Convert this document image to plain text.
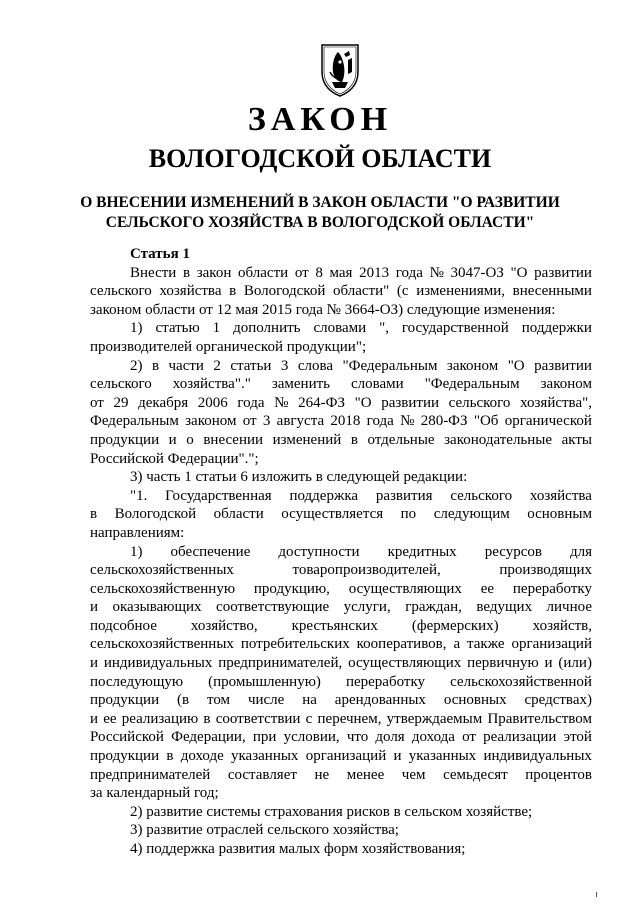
ЗАКОН
ВОЛОГОДСКОЙ ОБЛАСТИ
О ВНЕСЕНИИ ИЗМЕНЕНИЙ В ЗАКОН ОБЛАСТИ "О РАЗВИТИИ
СЕЛЬСКОГО ХОЗЯЙСТВА В ВОЛОГОДСКОЙ ОБЛАСТИ"
Статья 1
Внести в закон области от 8 мая 2013 года № 3047-ОЗ "О развитии
сельского хозяйства в Вологодской области" (с изменениями, внесенными
законом области от 12 мая 2015 года № 3664-ОЗ) следующие изменения:
1) статью 1 дополнить словами ", государственной поддержки
производителей органической продукции";
2) в части 2 статьи 3 слова "Федеральным законом "О развитии
сельского хозяйства"." заменить словами "Федеральным законом
от 29 декабря 2006 года № 264-ФЗ "О развитии сельского хозяйства",
Федеральным законом от 3 августа 2018 года № 280-ФЗ "Об органической
продукции и о внесении изменений в отдельные законодательные акты
Российской Федерации".";
3) часть 1 статьи 6 изложить в следующей редакции:
"1. Государственная поддержка развития сельского хозяйства
в Вологодской области осуществляется по следующим основным
направлениям:
1) обеспечение доступности кредитных ресурсов для
сельскохозяйственных	товаропроизводителей,	производящих
сельскохозяйственную продукцию, осуществляющих ее переработку
и оказывающих соответствующие услуги, граждан, ведущих личное
подсобное хозяйство, крестьянских (фермерских) хозяйств,
сельскохозяйственных потребительских кооперативов, а также организаций
и индивидуальных предпринимателей, осуществляющих первичную и (или)
последующую (промышленную) переработку сельскохозяйственной
продукции (в том числе на арендованных основных средствах)
и ее реализацию в соответствии с перечнем, утверждаемым Правительством
Российской Федерации, при условии, что доля дохода от реализации этой
продукции в доходе указанных организаций и указанных индивидуальных
предпринимателей составляет не менее чем семьдесят процентов
за календарный год;
2) развитие системы страхования рисков в сельском хозяйстве;
3) развитие отраслей сельского хозяйства;
4) поддержка развития малых форм хозяйствования;
